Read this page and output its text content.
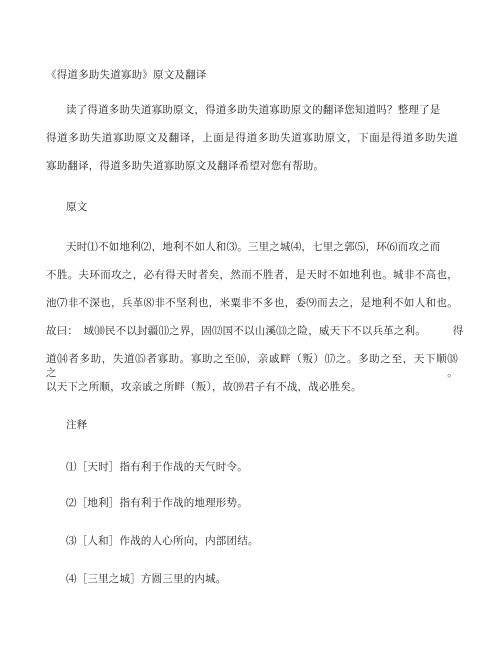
《得道多助失道寡助》原文及翻译
读了得道多助失道寡助原文，得道多助失道寡助原文的翻译您知道吗？整理了是
得道多助失道寡助原文及翻译，上面是得道多助失道寡助原文，下面是得道多助失道
寡助翻译，得道多助失道寡助原文及翻译希望对您有帮助。
原文
天时⑴不如地利⑵，地利不如人和⑶。三里之城⑷，七里之郭⑸，环⑹而攻之而
不胜。夫环而攻之，必有得天时者矣，然而不胜者，是天时不如地利也。城非不高也，
池⑺非不深也，兵革⑻非不坚利也，米粟非不多也，委⑼而去之，是地利不如人和也。
故曰：　域⑽民不以封疆⑾之界，固⑿国不以山溪⒀之险，威天下不以兵革之利。　　　得
道⒁者多助，失道⒂者寡助。寡助之至⒃，亲戚畔（叛）⒄之。多助之至，天下顺⒅之。
以天下之所顺，攻亲戚之所畔（叛），故⒆君子有不战，战必胜矣。
注释
⑴［天时］指有利于作战的天气时令。
⑵［地利］指有利于作战的地理形势。
⑶［人和］作战的人心所向，内部团结。
⑷［三里之城］方圆三里的内城。
